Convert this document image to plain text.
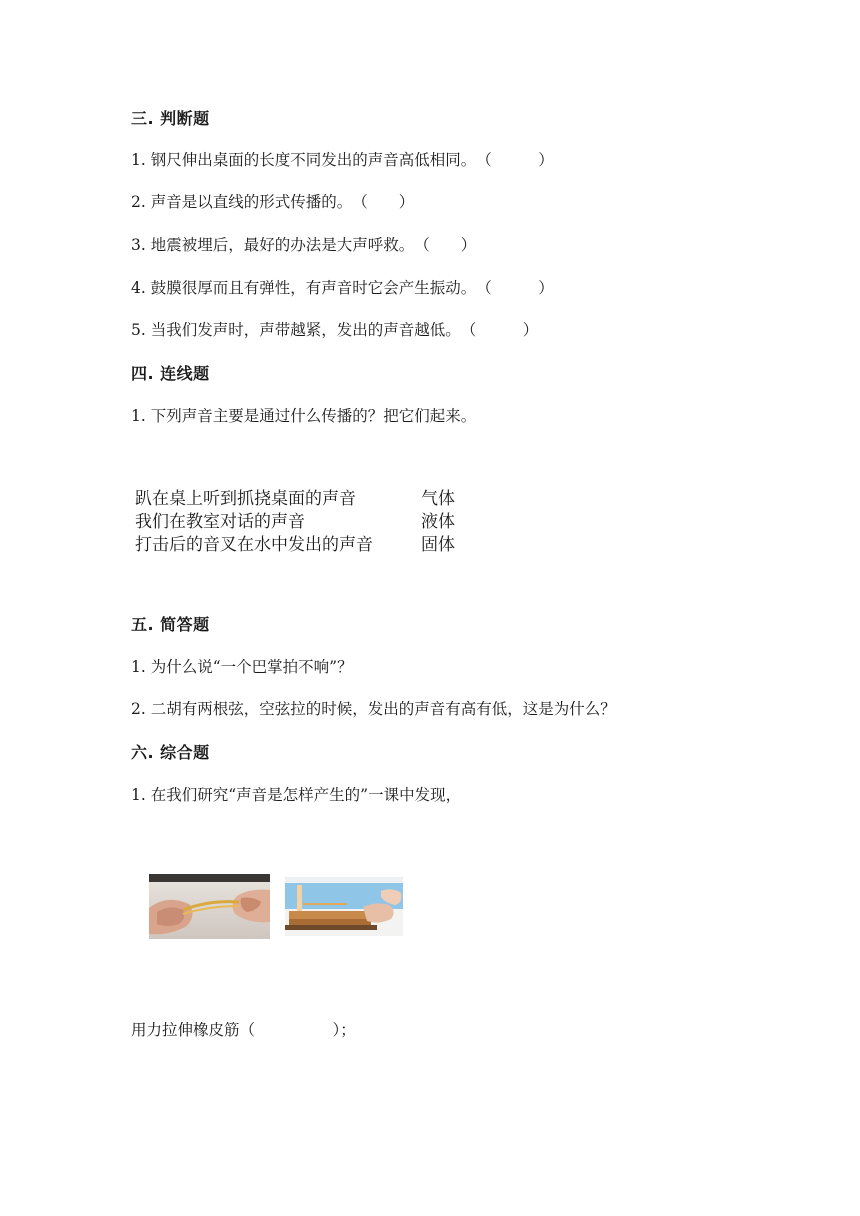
三. 判断题
1. 钢尺伸出桌面的长度不同发出的声音高低相同。（　　　）
2. 声音是以直线的形式传播的。（　　）
3. 地震被埋后，最好的办法是大声呼救。（　　）
4. 鼓膜很厚而且有弹性，有声音时它会产生振动。（　　　）
5. 当我们发声时，声带越紧，发出的声音越低。（　　　）
四. 连线题
1. 下列声音主要是通过什么传播的？把它们起来。
趴在桌上听到抓挠桌面的声音
我们在教室对话的声音
打击后的音叉在水中发出的声音
气体
液体
固体
五. 简答题
1. 为什么说“一个巴掌拍不响”？
2. 二胡有两根弦，空弦拉的时候，发出的声音有高有低，这是为什么？
六. 综合题
1. 在我们研究“声音是怎样产生的”一课中发现，
用力拉伸橡皮筋（　　　　　）；
